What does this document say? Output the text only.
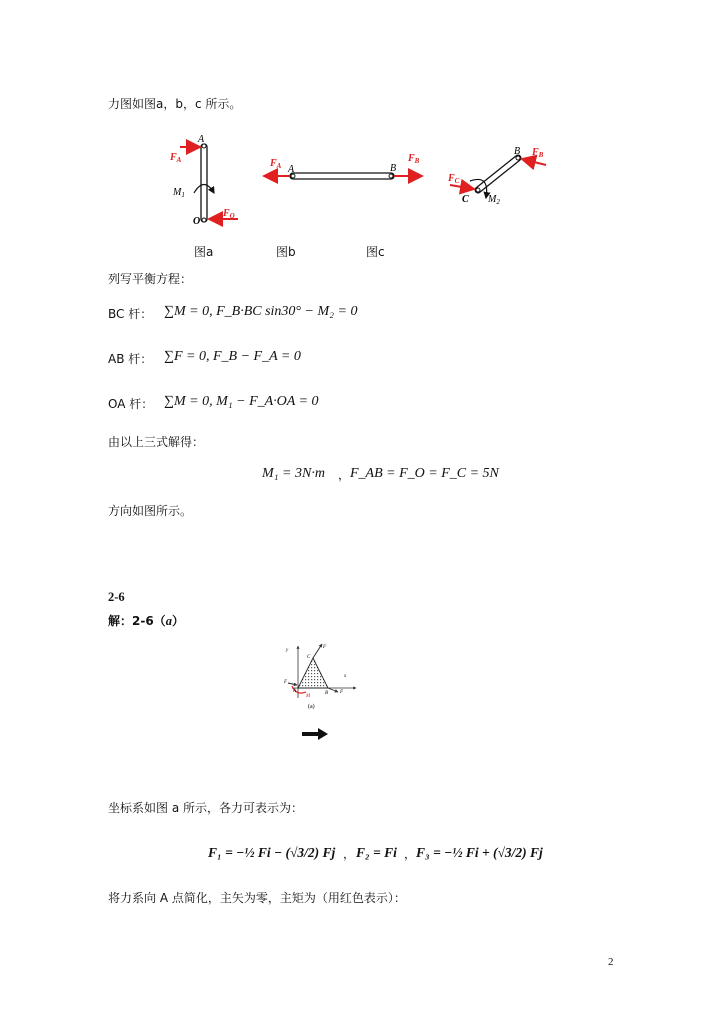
力图如图a，b，c 所示。
A
$F_A$
$M_1$
O
$F_O$
$F_A$ A	B
$F_B$
B $F_B$
$F_C$
C $M_2$
图a	图b	图c
列写平衡方程：
BC 杆： ∑M = 0, F_B·BC sin30° − M₂ = 0
AB 杆： ∑F = 0, F_B − F_A = 0
OA 杆： ∑M = 0, M₁ − F_A·OA = 0
由以上三式解得：
M₁ = 3N·m ， F_AB = F_O = F_C = 5N
方向如图所示。
2-6
解：2-6（a）
y
x
F
F
F
C
A	B
M
(a)
坐标系如图 a 所示，各力可表示为：
F₁ = −½ Fi − (√3/2) Fj ， F₂ = Fi ， F₃ = −½ Fi + (√3/2) Fj
将力系向 A 点简化，主矢为零，主矩为（用红色表示）：
2
